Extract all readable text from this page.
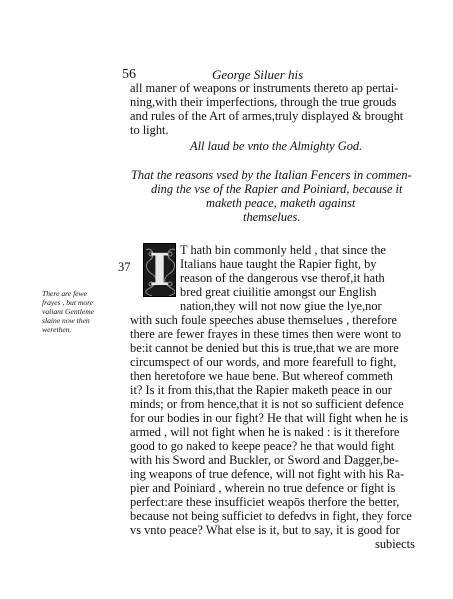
56	George Siluer his
all maner of weapons or instruments thereto ap pertai-
ning,with their imperfections, through the true grouds
and rules of the Art of armes,truly displayed & brought
to light.
All laud be vnto the Almighty God.
That the reasons vsed by the Italian Fencers in commen-
ding the vse of the Rapier and Poiniard, because it
maketh peace, maketh against
themselues.
37 I T hath bin commonly held , that since the
Italians haue taught the Rapier fight, by
reason of the dangerous vse therof,it hath
bred great ciuilitie amongst our English
nation,they will not now giue the lye,nor
with such foule speeches abuse themselues , therefore
there are fewer frayes in these times then were wont to
be:it cannot be denied but this is true,that we are more
circumspect of our words, and more fearefull to fight,
then heretofore we haue bene. But whereof commeth
it? Is it from this,that the Rapier maketh peace in our
minds; or from hence,that it is not so sufficient defence
for our bodies in our fight? He that will fight when he is
armed , will not fight when he is naked : is it therefore
good to go naked to keepe peace? he that would fight
with his Sword and Buckler, or Sword and Dagger,be-
ing weapons of true defence, will not fight with his Ra-
pier and Poiniard , wherein no true defence or fight is
perfect:are these insufficiet weapōs therfore the better,
because not being sufficiet to defedvs in fight, they force
vs vnto peace? What else is it, but to say, it is good for
subiects
There are fewe
frayes , but more
valiant Gentleme
slaine now then
werethen.
